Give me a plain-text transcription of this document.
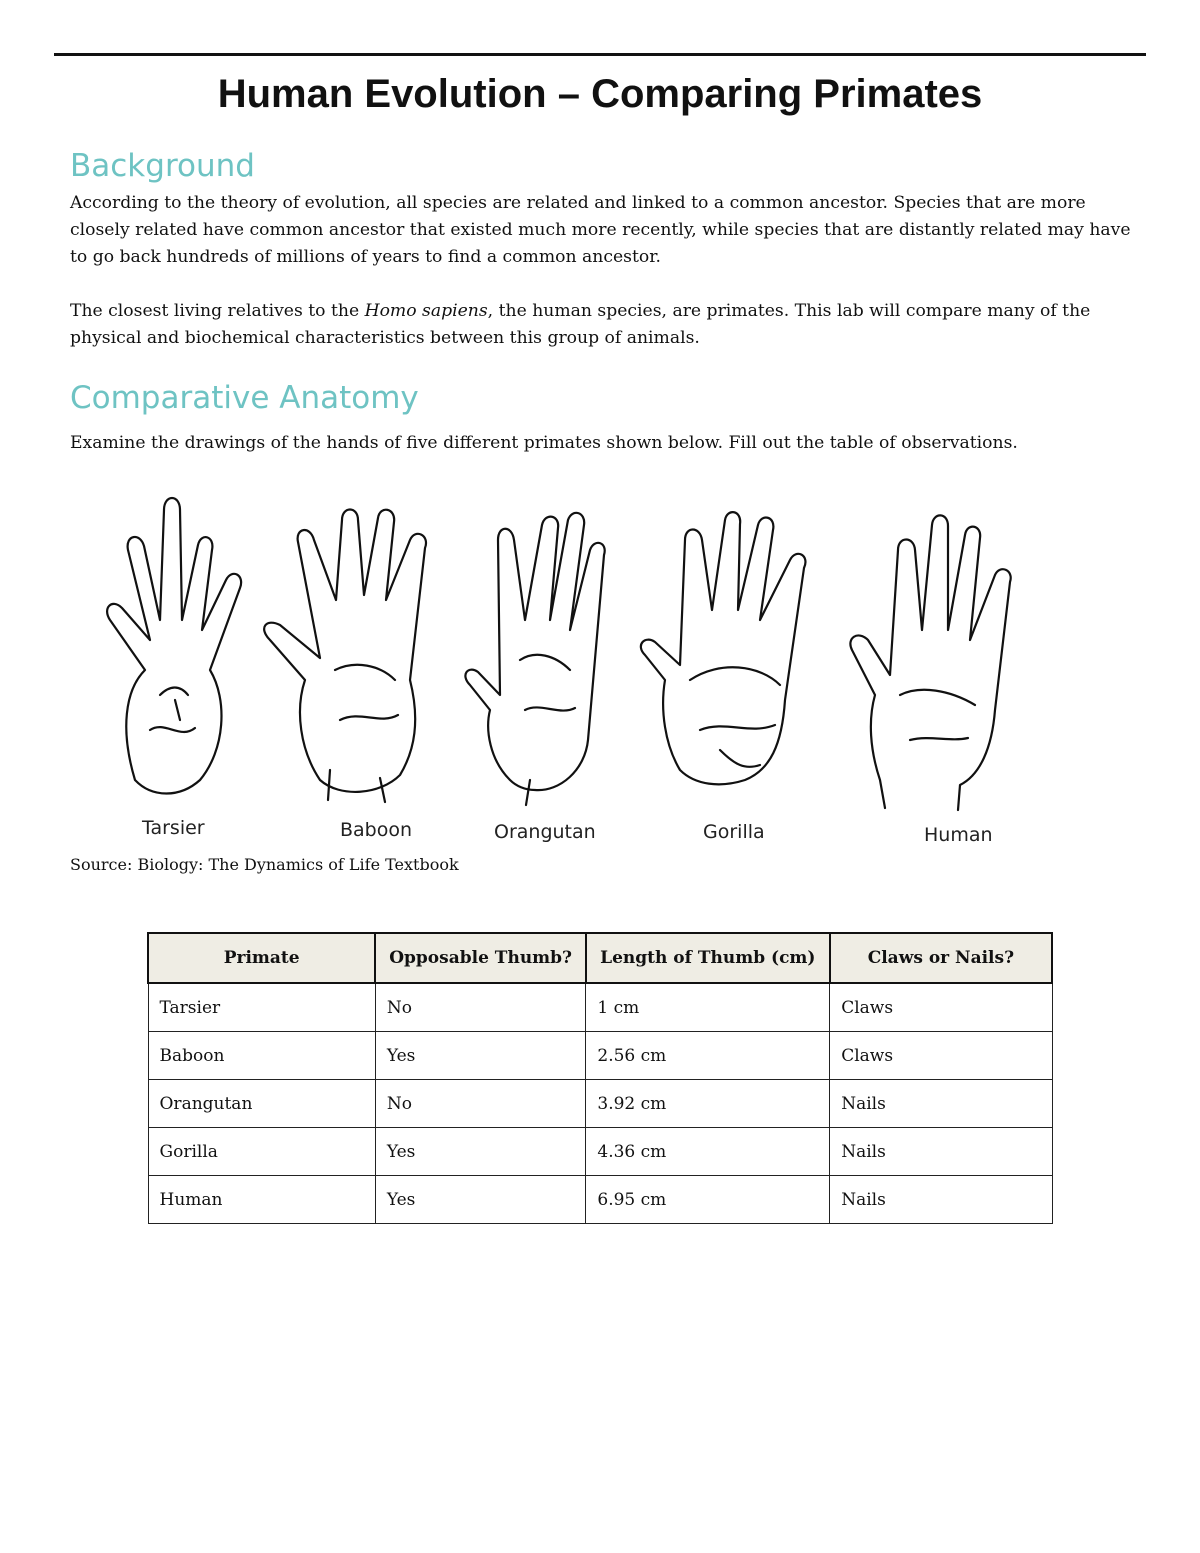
Human Evolution – Comparing Primates
Background

According to the theory of evolution, all species are related and linked to a common ancestor. Species that are more closely related have common ancestor that existed much more recently, while species that are distantly related may have to go back hundreds of millions of years to find a common ancestor.

The closest living relatives to the Homo sapiens, the human species, are primates. This lab will compare many of the physical and biochemical characteristics between this group of animals.

Comparative Anatomy

Examine the drawings of the hands of five different primates shown below. Fill out the table of observations.

Tarsier	Baboon	Orangutan	Gorilla	Human

Source: Biology: The Dynamics of Life Textbook

Primate	Opposable Thumb?	Length of Thumb (cm)	Claws or Nails?
Tarsier	No	1 cm	Claws
Baboon	Yes	2.56 cm	Claws
Orangutan	No	3.92 cm	Nails
Gorilla	Yes	4.36 cm	Nails
Human	Yes	6.95 cm	Nails
